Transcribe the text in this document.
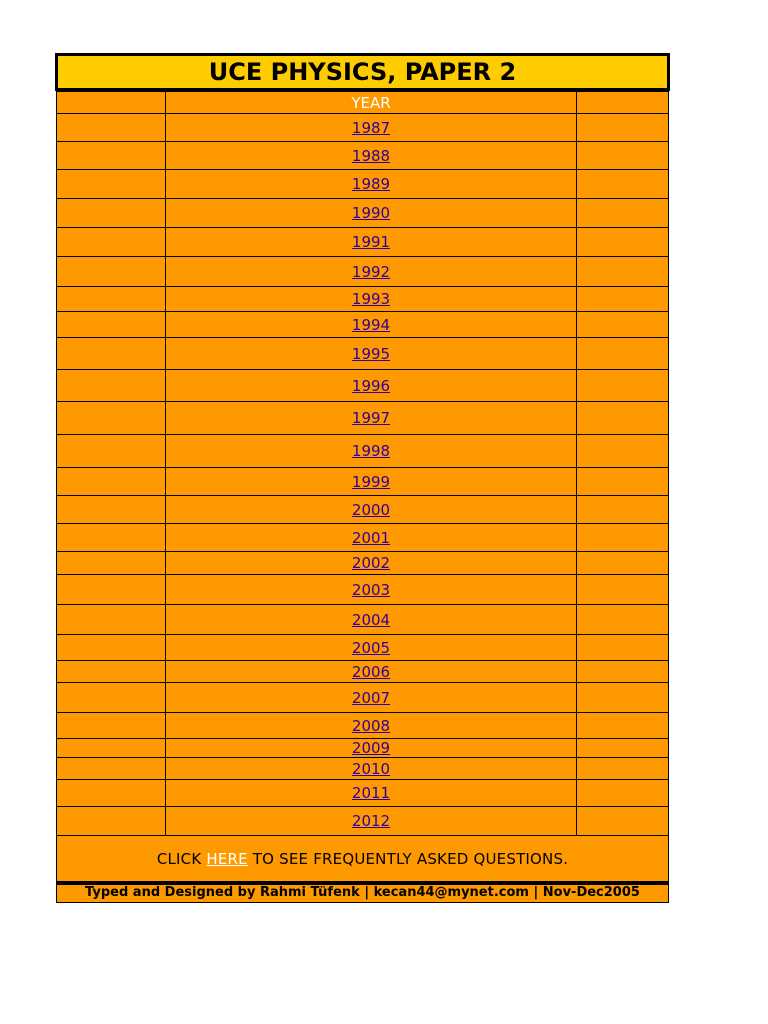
UCE PHYSICS, PAPER 2
	YEAR	
	1987	
	1988	
	1989	
	1990	
	1991	
	1992	
	1993	
	1994	
	1995	
	1996	
	1997	
	1998	
	1999	
	2000	
	2001	
	2002	
	2003	
	2004	
	2005	
	2006	
	2007	
	2008	
	2009	
	2010	
	2011	
	2012	
CLICK HERE TO SEE FREQUENTLY ASKED QUESTIONS.		
Typed and Designed by Rahmi Tüfenk | kecan44@mynet.com | Nov-Dec2005
